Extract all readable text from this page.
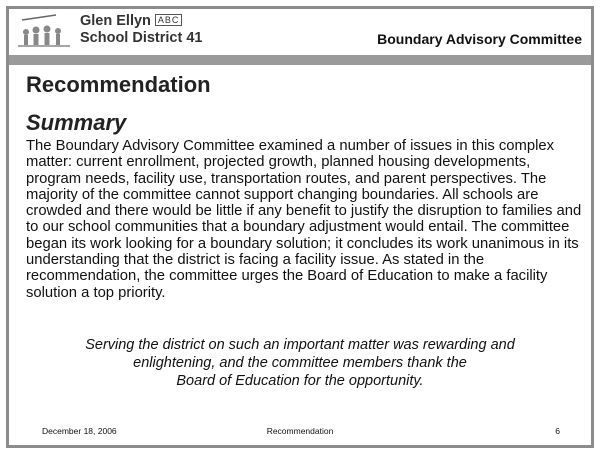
Glen Ellyn ABC
School District 41	Boundary Advisory Committee
Recommendation
Summary
The Boundary Advisory Committee examined a number of issues in this complex matter: current enrollment, projected growth, planned housing developments, program needs, facility use, transportation routes, and parent perspectives. The majority of the committee cannot support changing boundaries. All schools are crowded and there would be little if any benefit to justify the disruption to families and to our school communities that a boundary adjustment would entail. The committee began its work looking for a boundary solution; it concludes its work unanimous in its understanding that the district is facing a facility issue. As stated in the recommendation, the committee urges the Board of Education to make a facility solution a top priority.
Serving the district on such an important matter was rewarding and
enlightening, and the committee members thank the
Board of Education for the opportunity.
December 18, 2006	Recommendation	6
